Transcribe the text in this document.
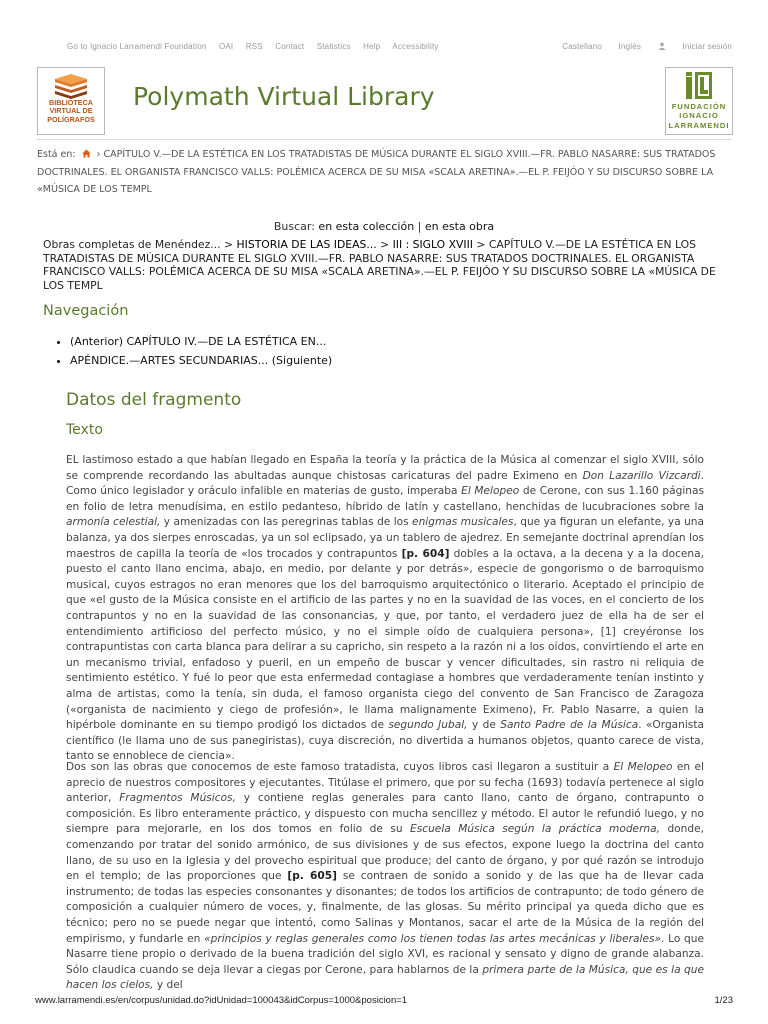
Go to Ignacio Larramendi Foundation OAI RSS Contact Statistics Help Accessibility	Castellano Inglés	Iniciar sesión
BIBLIOTECA
VIRTUAL DE
POLÍGRAFOS
Polymath Virtual Library	FUNDACIÓN
IGNACIO
LARRAMENDI
Está en: › CAPÍTULO V.—DE LA ESTÉTICA EN LOS TRATADISTAS DE MÚSICA DURANTE EL SIGLO XVIII.—FR. PABLO NASARRE: SUS TRATADOS DOCTRINALES. EL ORGANISTA FRANCISCO VALLS: POLÉMICA ACERCA DE SU MISA «SCALA ARETINA».—EL P. FEIJÓO Y SU DISCURSO SOBRE LA «MÚSICA DE LOS TEMPL
Buscar: en esta colección | en esta obra
Obras completas de Menéndez... > HISTORIA DE LAS IDEAS... > III : SIGLO XVIII > CAPÍTULO V.—DE LA ESTÉTICA EN LOS TRATADISTAS DE MÚSICA DURANTE EL SIGLO XVIII.—FR. PABLO NASARRE: SUS TRATADOS DOCTRINALES. EL ORGANISTA FRANCISCO VALLS: POLÉMICA ACERCA DE SU MISA «SCALA ARETINA».—EL P. FEIJÓO Y SU DISCURSO SOBRE LA «MÚSICA DE LOS TEMPL
Navegación
• (Anterior) CAPÍTULO IV.—DE LA ESTÉTICA EN...
• APÉNDICE.—ARTES SECUNDARIAS... (Siguiente)
Datos del fragmento
Texto

EL lastimoso estado a que habían llegado en España la teoría y la práctica de la Música al comenzar el siglo XVIII, sólo se comprende recordando las abultadas aunque chistosas caricaturas del padre Eximeno en Don Lazarillo Vizcardi. Como único legislador y oráculo infalible en materias de gusto, imperaba El Melopeo de Cerone, con sus 1.160 páginas en folio de letra menudísima, en estilo pedanteso, híbrido de latín y castellano, henchidas de lucubraciones sobre la armonía celestial, y amenizadas con las peregrinas tablas de los enigmas musicales, que ya figuran un elefante, ya una balanza, ya dos sierpes enroscadas, ya un sol eclipsado, ya un tablero de ajedrez. En semejante doctrinal aprendían los maestros de capilla la teoría de «los trocados y contrapuntos [p. 604] dobles a la octava, a la decena y a la docena, puesto el canto llano encima, abajo, en medio, por delante y por detrás», especie de gongorismo o de barroquismo musical, cuyos estragos no eran menores que los del barroquismo arquitectónico o literario. Aceptado el principio de que «el gusto de la Música consiste en el artificio de las partes y no en la suavidad de las voces, en el concierto de los contrapuntos y no en la suavidad de las consonancias, y que, por tanto, el verdadero juez de ella ha de ser el entendimiento artificioso del perfecto músico, y no el simple oído de cualquiera persona», [1] creyéronse los contrapuntistas con carta blanca para delirar a su capricho, sin respeto a la razón ni a los oídos, convirtiendo el arte en un mecanismo trivial, enfadoso y pueril, en un empeño de buscar y vencer dificultades, sin rastro ni reliquia de sentimiento estético. Y fué lo peor que esta enfermedad contagiase a hombres que verdaderamente tenían instinto y alma de artistas, como la tenía, sin duda, el famoso organista ciego del convento de San Francisco de Zaragoza («organista de nacimiento y ciego de profesión», le llama malignamente Eximeno), Fr. Pablo Nasarre, a quien la hipérbole dominante en su tiempo prodigó los dictados de segundo Jubal, y de Santo Padre de la Música. «Organista científico (le llama uno de sus panegiristas), cuya discreción, no divertida a humanos objetos, quanto carece de vista, tanto se ennoblece de ciencia».

Dos son las obras que conocemos de este famoso tratadista, cuyos libros casi llegaron a sustituir a El Melopeo en el aprecio de nuestros compositores y ejecutantes. Titúlase el primero, que por su fecha (1693) todavía pertenece al siglo anterior, Fragmentos Músicos, y contiene reglas generales para canto llano, canto de órgano, contrapunto o composición. Es libro enteramente práctico, y dispuesto con mucha sencillez y método. El autor le refundió luego, y no siempre para mejorarle, en los dos tomos en folio de su Escuela Música según la práctica moderna, donde, comenzando por tratar del sonido armónico, de sus divisiones y de sus efectos, expone luego la doctrina del canto llano, de su uso en la Iglesia y del provecho espiritual que produce; del canto de órgano, y por qué razón se introdujo en el templo; de las proporciones que [p. 605] se contraen de sonido a sonido y de las que ha de llevar cada instrumento; de todas las especies consonantes y disonantes; de todos los artificios de contrapunto; de todo género de composición a cualquier número de voces, y, finalmente, de las glosas. Su mérito principal ya queda dicho que es técnico; pero no se puede negar que intentó, como Salinas y Montanos, sacar el arte de la Música de la región del empirismo, y fundarle en «principios y reglas generales como los tienen todas las artes mecánicas y liberales». Lo que Nasarre tiene propio o derivado de la buena tradición del siglo XVI, es racional y sensato y digno de grande alabanza. Sólo claudica cuando se deja llevar a ciegas por Cerone, para hablarnos de la primera parte de la Música, que es la que hacen los cielos, y del

www.larramendi.es/en/corpus/unidad.do?idUnidad=100043&idCorpus=1000&posicion=1	1/23
